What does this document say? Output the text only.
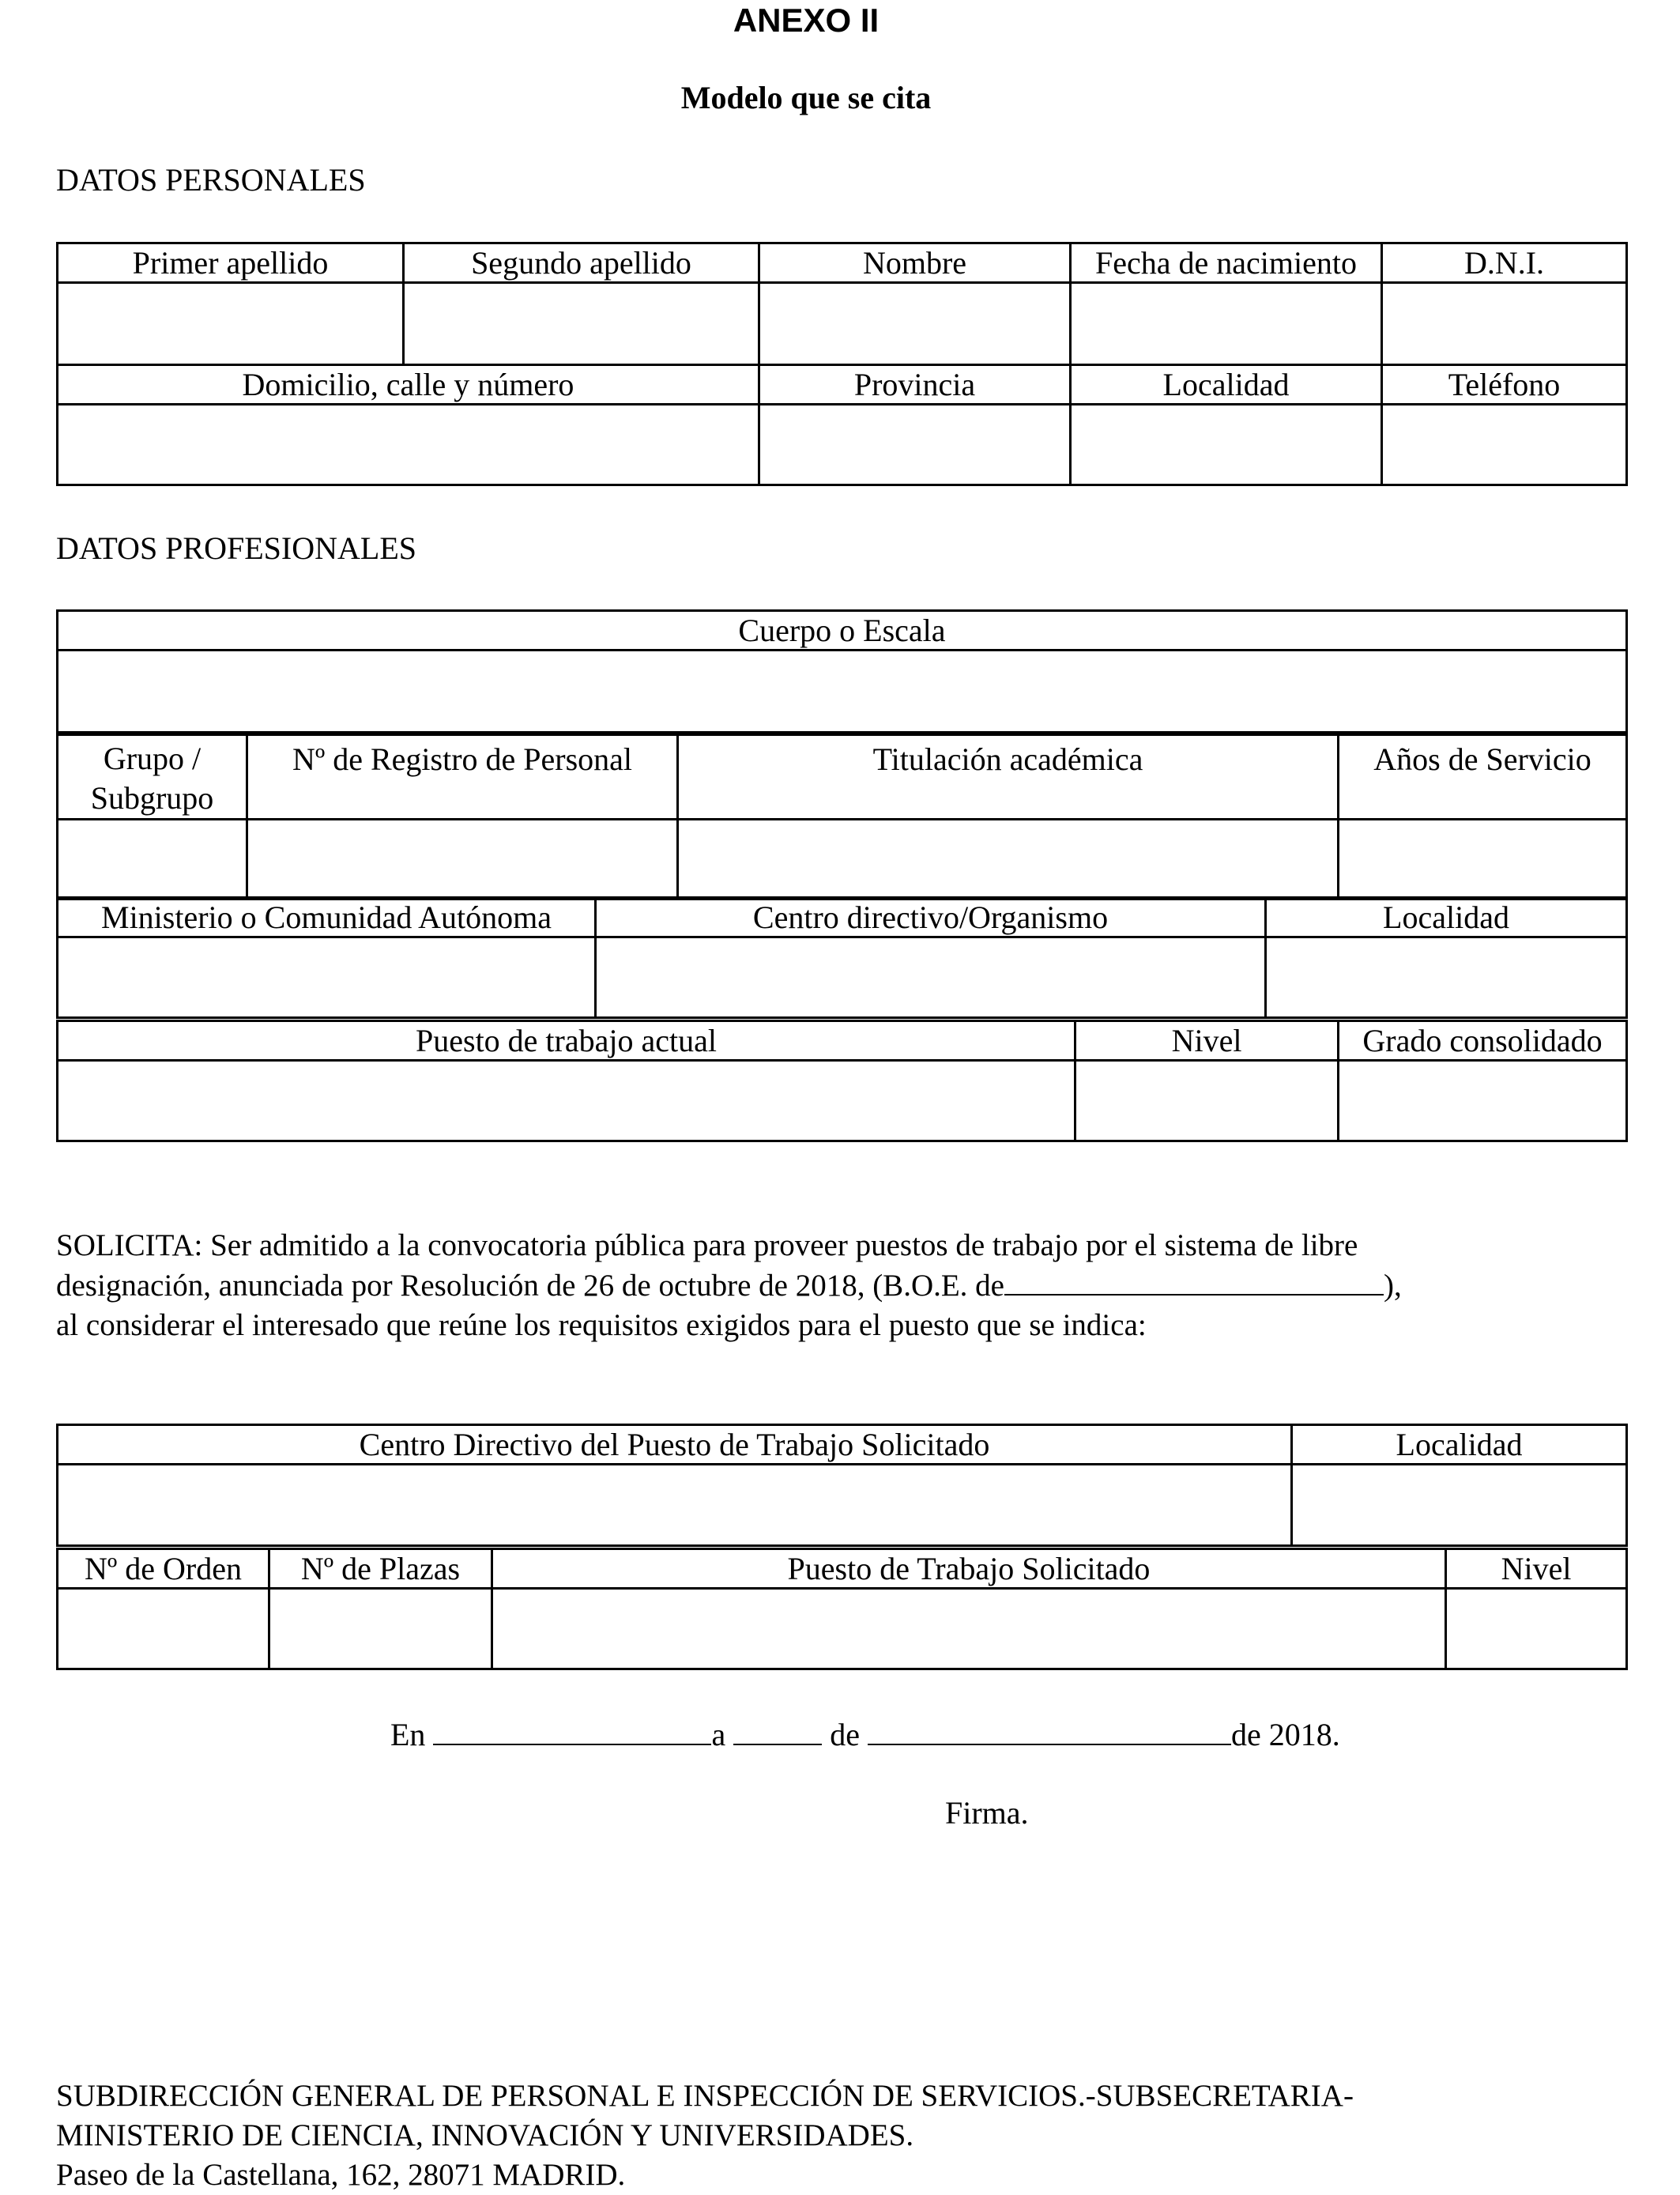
ANEXO II
Modelo que se cita
DATOS PERSONALES
Primer apellido	Segundo apellido	Nombre	Fecha de nacimiento	D.N.I.

Domicilio, calle y número		Provincia	Localidad	Teléfono

DATOS PROFESIONALES
Cuerpo o Escala

Grupo / Subgrupo	Nº de Registro de Personal	Titulación académica	Años de Servicio

Ministerio o Comunidad Autónoma	Centro directivo/Organismo	Localidad

Puesto de trabajo actual	Nivel	Grado consolidado

SOLICITA: Ser admitido a la convocatoria pública para proveer puestos de trabajo por el sistema de libre
designación, anunciada por Resolución de 26 de octubre de 2018, (B.O.E. de	),
al considerar el interesado que reúne los requisitos exigidos para el puesto que se indica:
Centro Directivo del Puesto de Trabajo Solicitado	Localidad

Nº de Orden	Nº de Plazas	Puesto de Trabajo Solicitado	Nivel

En	a	de	de 2018.
Firma.
SUBDIRECCIÓN GENERAL DE PERSONAL E INSPECCIÓN DE SERVICIOS.-SUBSECRETARIA-
MINISTERIO DE CIENCIA, INNOVACIÓN Y UNIVERSIDADES.
Paseo de la Castellana, 162, 28071 MADRID.
